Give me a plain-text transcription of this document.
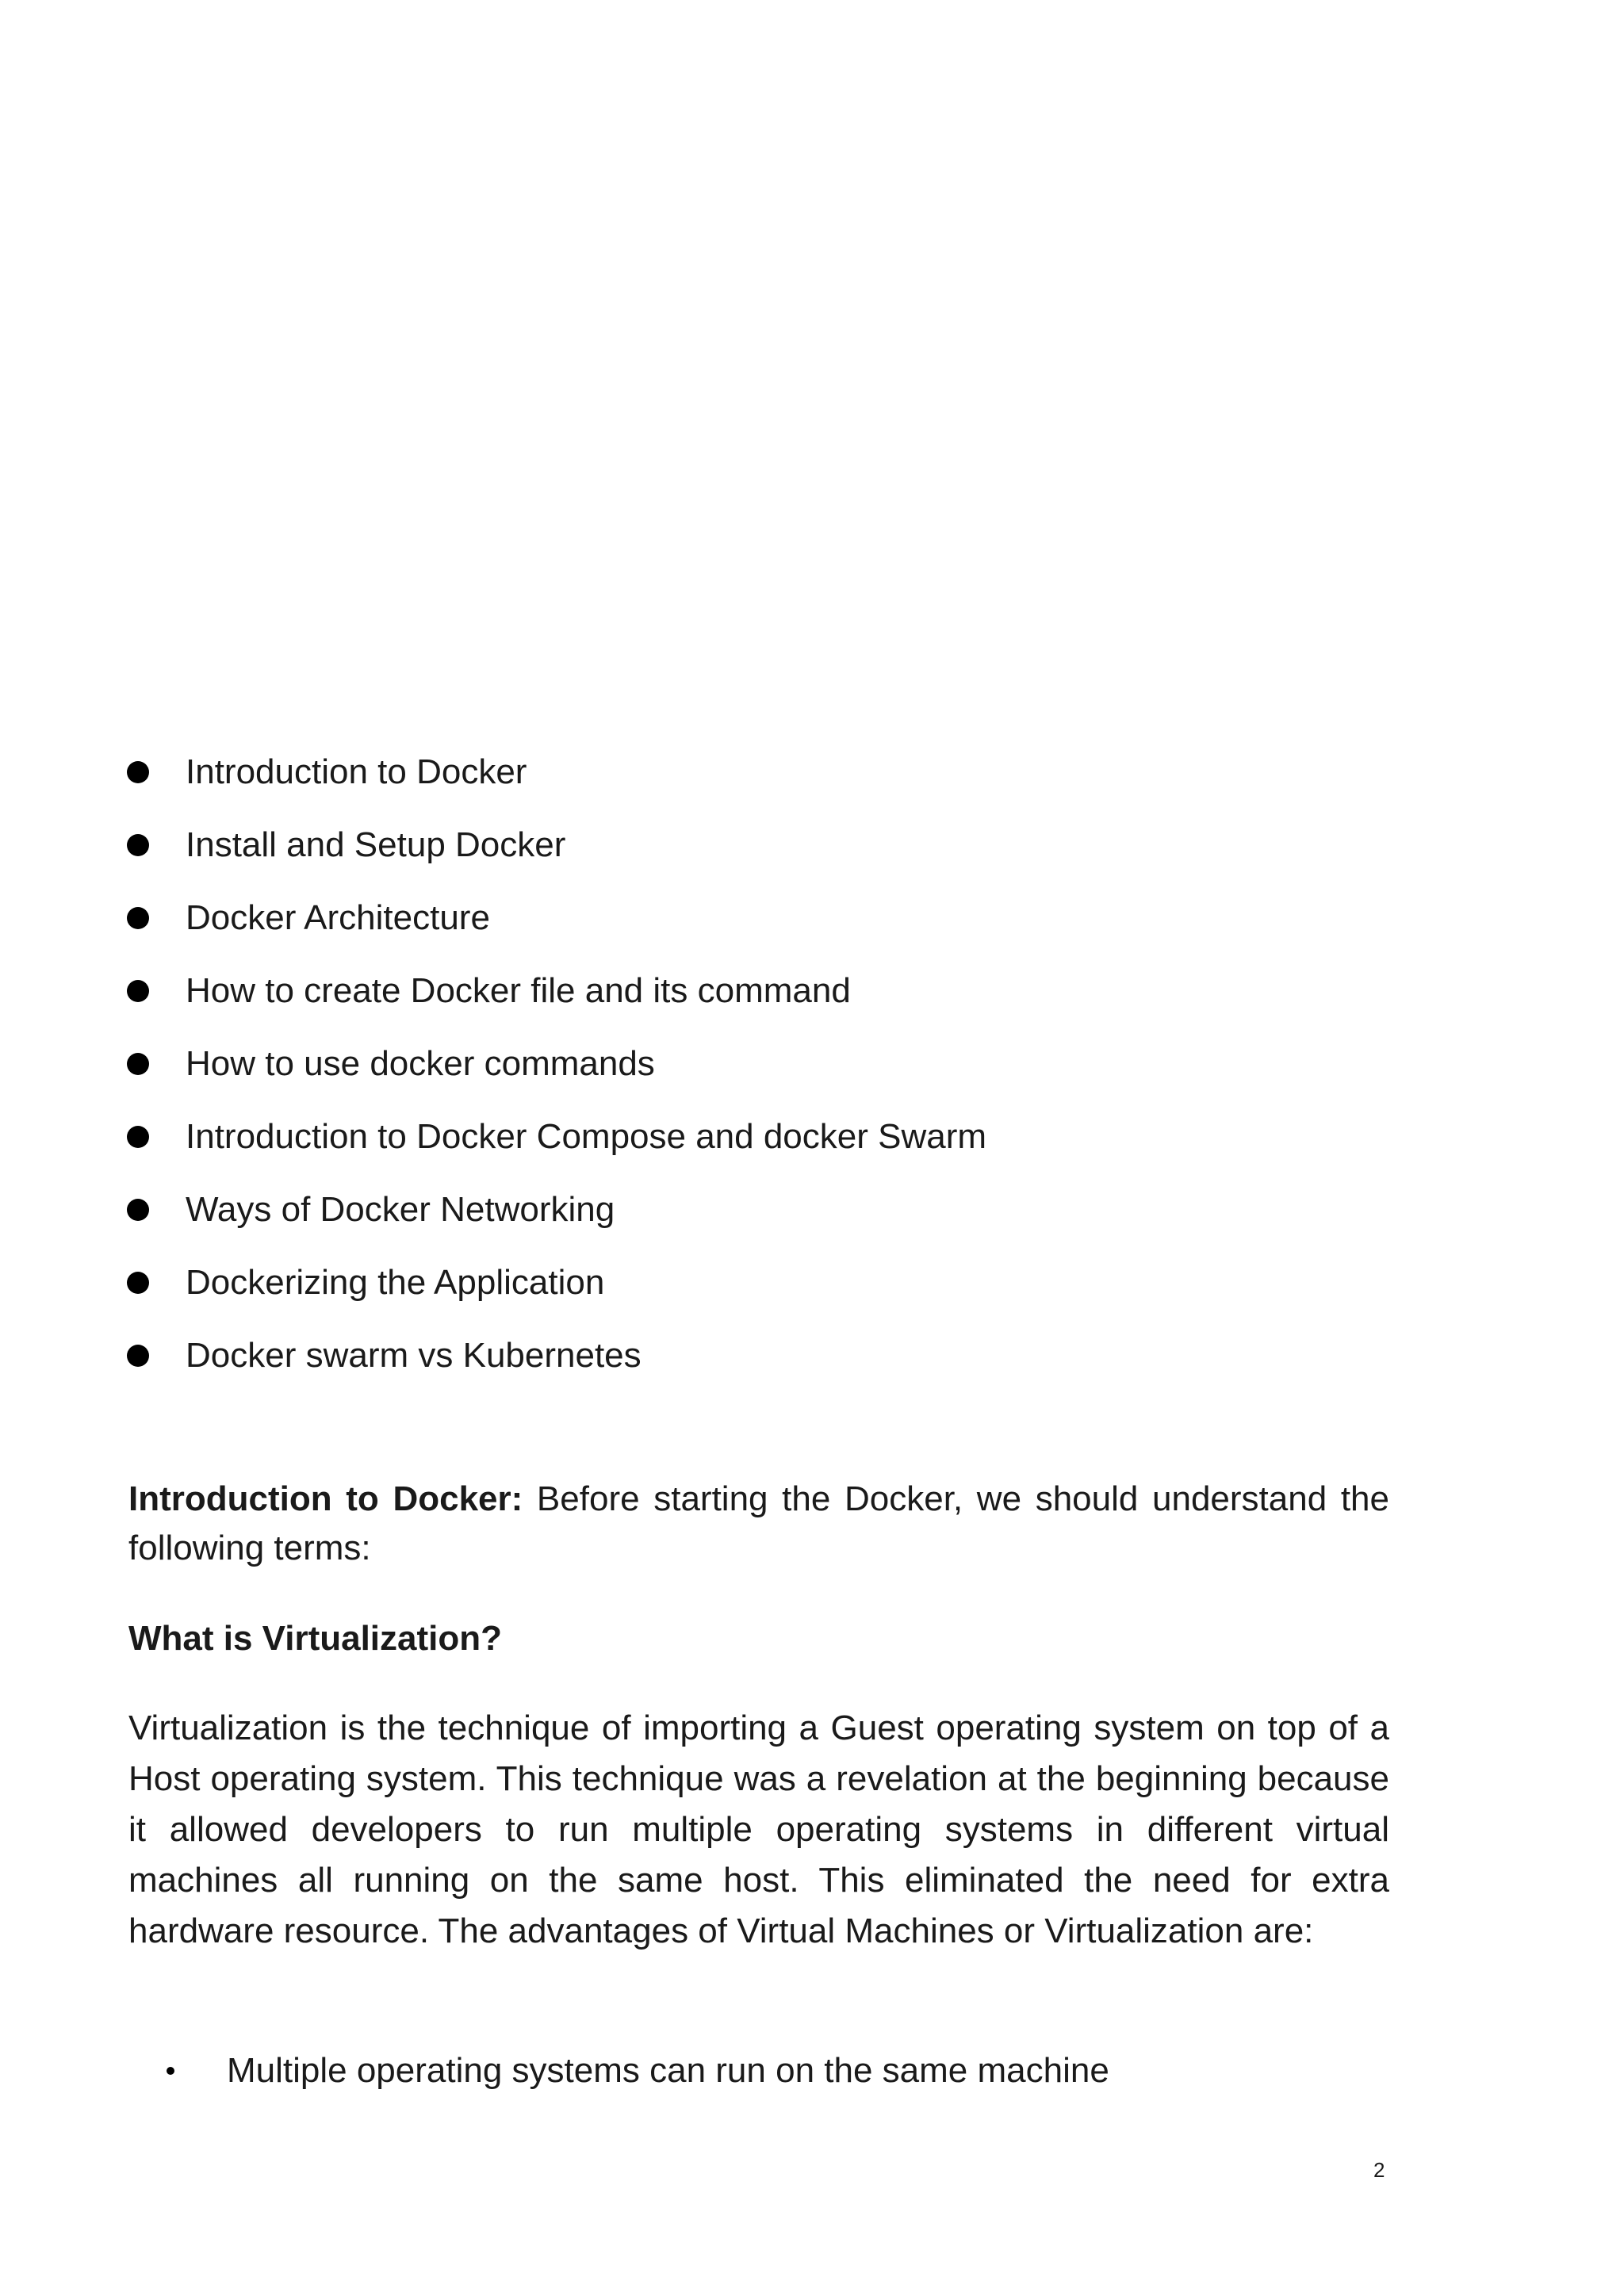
Introduction to Docker
Install and Setup Docker
Docker Architecture
How to create Docker file and its command
How to use docker commands
Introduction to Docker Compose and docker Swarm
Ways of Docker Networking
Dockerizing the Application
Docker swarm vs Kubernetes

Introduction to Docker: Before starting the Docker, we should understand the following terms:

What is Virtualization?

Virtualization is the technique of importing a Guest operating system on top of a Host operating system. This technique was a revelation at the beginning because it allowed developers to run multiple operating systems in different virtual machines all running on the same host. This eliminated the need for extra hardware resource. The advantages of Virtual Machines or Virtualization are:

Multiple operating systems can run on the same machine
2
